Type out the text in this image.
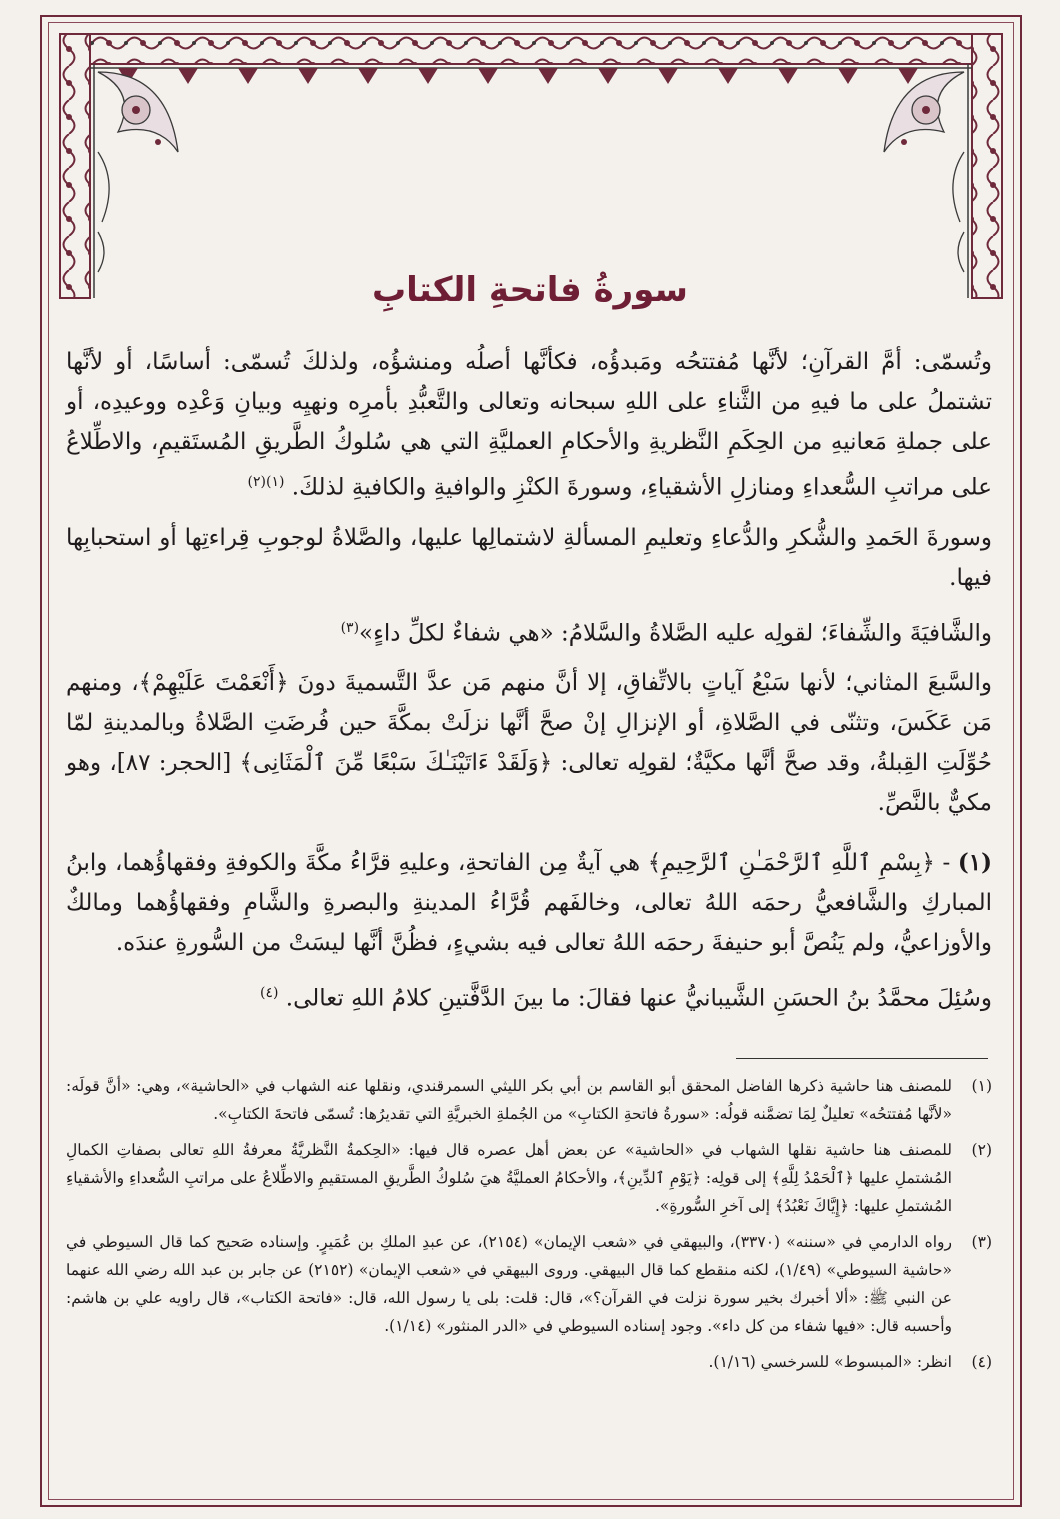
سورةُ فاتحةِ الكتابِ

وتُسمّى: أمَّ القرآنِ؛ لأنَّها مُفتتحُه ومَبدؤُه، فكأنَّها أصلُه ومنشؤُه، ولذلكَ تُسمّى: أساسًا، أو لأنَّها تشتملُ على ما فيهِ من الثَّناءِ على اللهِ سبحانه وتعالى والتَّعبُّدِ بأمرِه ونهيِه وبيانِ وَعْدِه ووعيدِه، أو على جملةِ مَعانيهِ من الحِكَمِ النَّظريةِ والأحكامِ العمليَّةِ التي هي سُلوكُ الطَّريقِ المُستَقيمِ، والاطِّلاعُ على مراتبِ السُّعداءِ ومنازلِ الأشقياءِ، وسورةَ الكنْزِ والوافيةِ والكافيةِ لذلكَ. $^{(١)(٢)}$

وسورةَ الحَمدِ والشُّكرِ والدُّعاءِ وتعليمِ المسألةِ لاشتمالِها عليها، والصَّلاةُ لوجوبِ قِراءتِها أو استحبابِها فيها.

والشَّافيَةَ والشِّفاءَ؛ لقولِه عليه الصَّلاةُ والسَّلامُ: «هي شفاءٌ لكلِّ داءٍ»$^{(٣)}$

والسَّبعَ المثاني؛ لأنها سَبْعُ آياتٍ بالاتِّفاقِ، إلا أنَّ منهم مَن عدَّ التَّسميةَ دونَ ﴿أَنْعَمْتَ عَلَيْهِمْ﴾، ومنهم مَن عَكَسَ، وتثنّى في الصَّلاةِ، أو الإنزالِ إنْ صحَّ أنَّها نزلَتْ بمكَّةَ حين فُرضَتِ الصَّلاةُ وبالمدينةِ لمّا حُوِّلَتِ القِبلةُ، وقد صحَّ أنَّها مكيَّةٌ؛ لقولِه تعالى: ﴿وَلَقَدْ ءَاتَيْنَـٰكَ سَبْعًا مِّنَ ٱلْمَثَانِى﴾ [الحجر: ٨٧]، وهو مكيٌّ بالنَّصِّ.

(١) - ﴿بِسْمِ ٱللَّهِ ٱلرَّحْمَـٰنِ ٱلرَّحِيمِ﴾ هي آيةٌ مِن الفاتحةِ، وعليهِ قرَّاءُ مكَّةَ والكوفةِ وفقهاؤُهما، وابنُ المباركِ والشَّافعيُّ رحمَه اللهُ تعالى، وخالفَهم قُرَّاءُ المدينةِ والبصرةِ والشَّامِ وفقهاؤُهما ومالكٌ والأوزاعيُّ، ولم يَنُصَّ أبو حنيفةَ رحمَه اللهُ تعالى فيه بشيءٍ، فظُنَّ أنَّها ليسَتْ من السُّورةِ عندَه.

وسُئِلَ محمَّدُ بنُ الحسَنِ الشَّيبانيُّ عنها فقالَ: ما بينَ الدَّفَّتينِ كلامُ اللهِ تعالى. $^{(٤)}$

(١)
للمصنف هنا حاشية ذكرها الفاضل المحقق أبو القاسم بن أبي بكر الليثي السمرقندي، ونقلها عنه الشهاب في «الحاشية»، وهي: «أنَّ قولَه: «لأنَّها مُفتتحُه» تعليلٌ لِمَا تضمَّنه قولُه: «سورةُ فاتحةِ الكتابِ» من الجُملةِ الخبريَّةِ التي تقديرُها: تُسمّى فاتحةَ الكتابِ».
(٢)
للمصنف هنا حاشية نقلها الشهاب في «الحاشية» عن بعض أهل عصره قال فيها: «الحِكمةُ النَّظريَّةُ معرفةُ اللهِ تعالى بصفاتِ الكمالِ المُشتملِ عليها ﴿ٱلْحَمْدُ لِلَّهِ﴾ إلى قولِه: ﴿يَوْمِ ٱلدِّينِ﴾، والأحكامُ العمليَّةُ هيَ سُلوكُ الطَّريقِ المستقيمِ والاطِّلاعُ على مراتبِ السُّعداءِ والأشقياءِ المُشتملِ عليها: ﴿إِيَّاكَ نَعْبُدُ﴾ إلى آخرِ السُّورةِ».
(٣)
رواه الدارمي في «سننه» (٣٣٧٠)، والبيهقي في «شعب الإيمان» (٢١٥٤)، عن عبدِ الملكِ بن عُمَيرٍ. وإسناده صَحيح كما قال السيوطي في «حاشية السيوطي» (١/٤٩)، لكنه منقطع كما قال البيهقي. وروى البيهقي في «شعب الإيمان» (٢١٥٢) عن جابر بن عبد الله رضي الله عنهما عن النبي ﷺ: «ألا أخبرك بخير سورة نزلت في القرآن؟»، قال: قلت: بلى يا رسول الله، قال: «فاتحة الكتاب»، قال راويه علي بن هاشم: وأحسبه قال: «فيها شفاء من كل داء». وجود إسناده السيوطي في «الدر المنثور» (١/١٤).
(٤)
انظر: «المبسوط» للسرخسي (١/١٦).
